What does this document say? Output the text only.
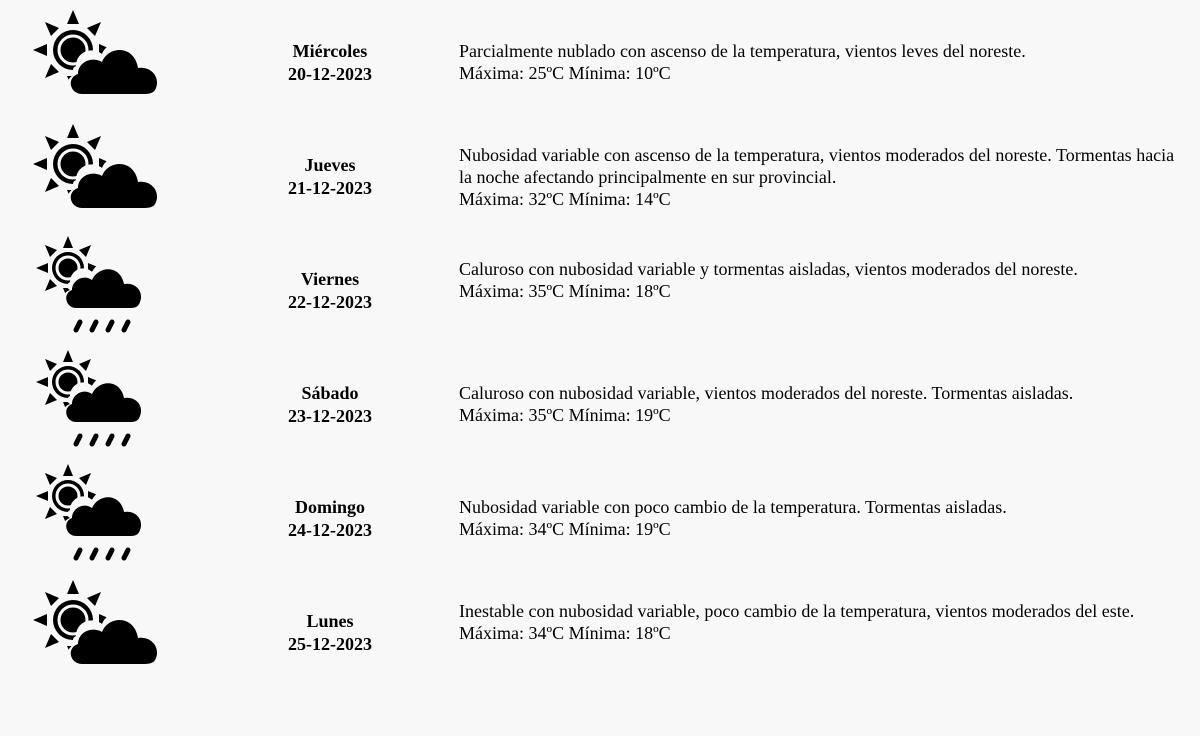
Miércoles
20-12-2023
Parcialmente nublado con ascenso de la temperatura, vientos leves del noreste.
Máxima: 25ºC Mínima: 10ºC
Jueves
21-12-2023
Nubosidad variable con ascenso de la temperatura, vientos moderados del noreste. Tormentas hacia la noche afectando principalmente en sur provincial.
Máxima: 32ºC Mínima: 14ºC
Viernes
22-12-2023
Caluroso con nubosidad variable y tormentas aisladas, vientos moderados del noreste.
Máxima: 35ºC Mínima: 18ºC
Sábado
23-12-2023
Caluroso con nubosidad variable, vientos moderados del noreste. Tormentas aisladas.
Máxima: 35ºC Mínima: 19ºC
Domingo
24-12-2023
Nubosidad variable con poco cambio de la temperatura. Tormentas aisladas.
Máxima: 34ºC Mínima: 19ºC
Lunes
25-12-2023
Inestable con nubosidad variable, poco cambio de la temperatura, vientos moderados del este.
Máxima: 34ºC Mínima: 18ºC
